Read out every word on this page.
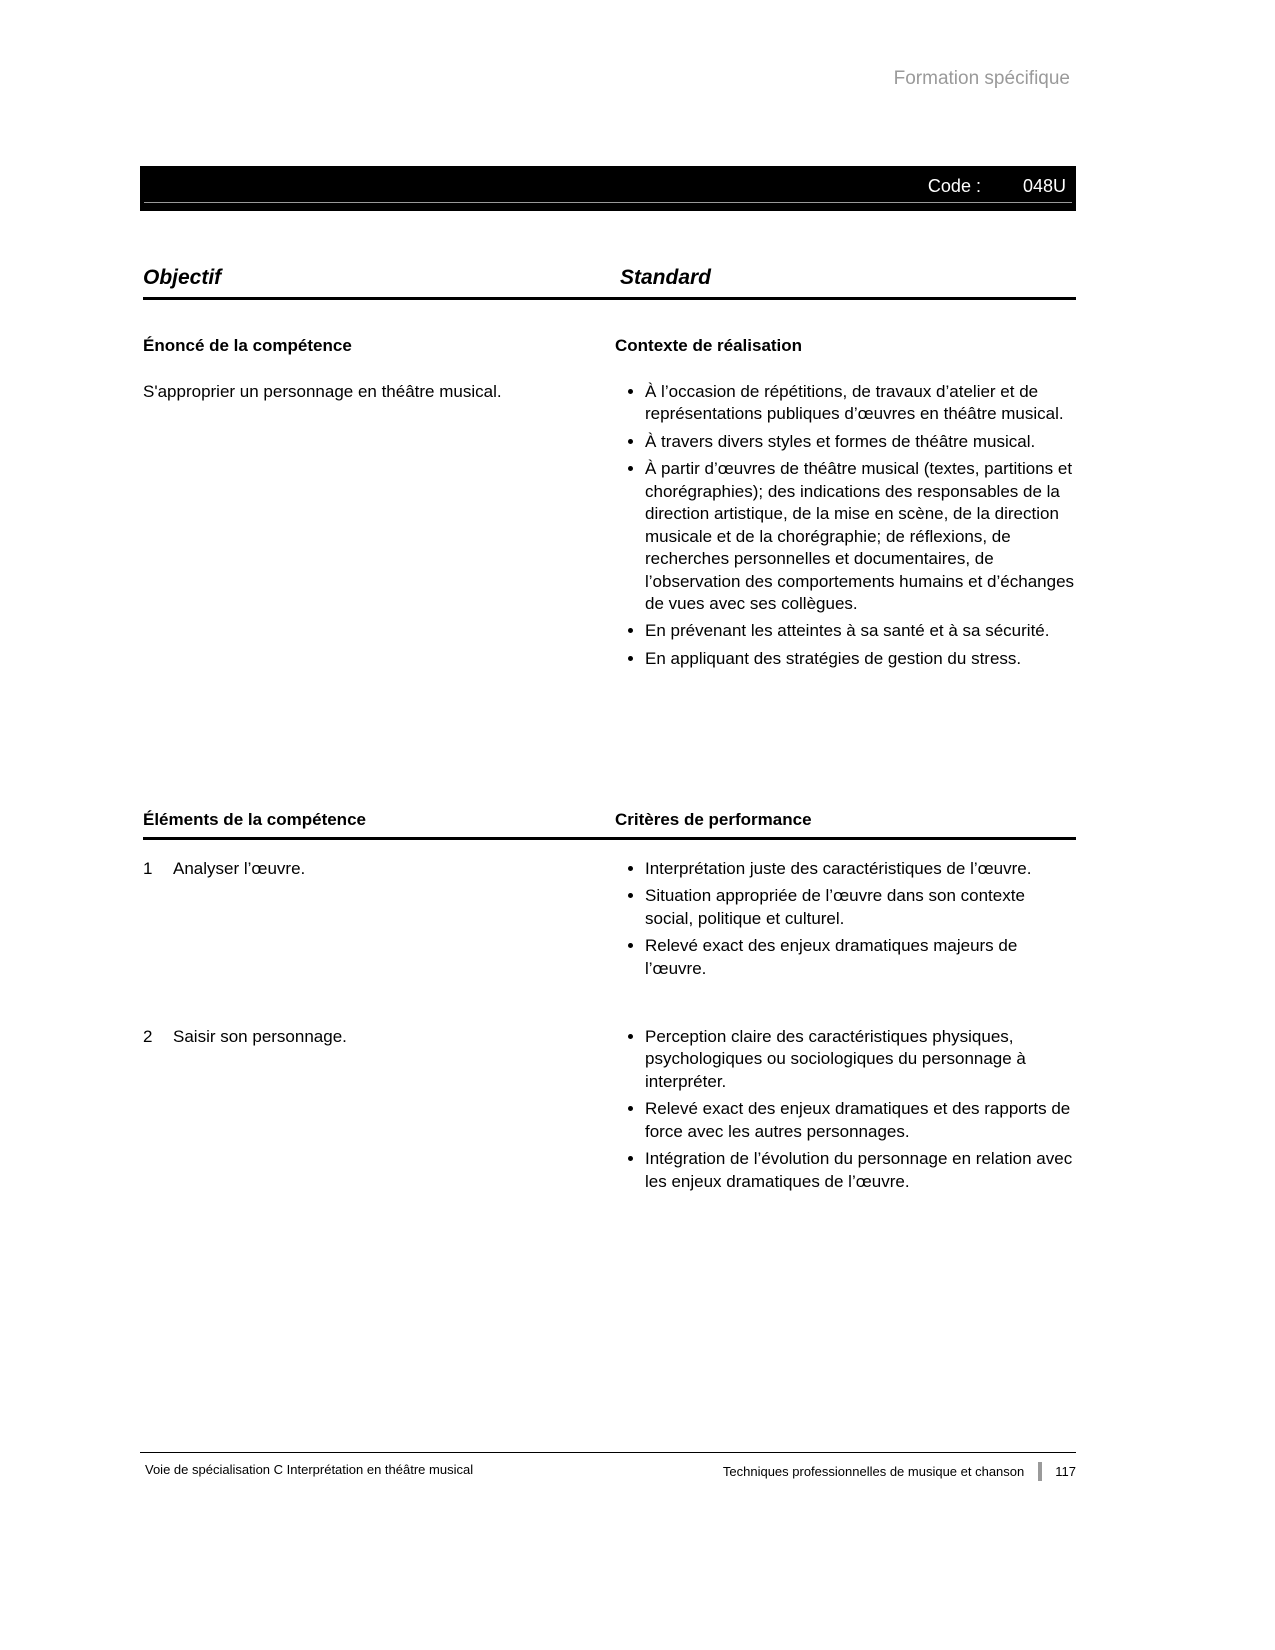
Formation spécifique
Code : 048U
Objectif	Standard
Énoncé de la compétence	Contexte de réalisation
S'approprier un personnage en théâtre musical.	• À l’occasion de répétitions, de travaux d’atelier et de représentations publiques d’œuvres en théâtre musical.
• À travers divers styles et formes de théâtre musical.
• À partir d’œuvres de théâtre musical (textes, partitions et chorégraphies); des indications des responsables de la direction artistique, de la mise en scène, de la direction musicale et de la chorégraphie; de réflexions, de recherches personnelles et documentaires, de l’observation des comportements humains et d’échanges de vues avec ses collègues.
• En prévenant les atteintes à sa santé et à sa sécurité.
• En appliquant des stratégies de gestion du stress.
Éléments de la compétence	Critères de performance
1	Analyser l’œuvre.	• Interprétation juste des caractéristiques de l’œuvre.
• Situation appropriée de l’œuvre dans son contexte social, politique et culturel.
• Relevé exact des enjeux dramatiques majeurs de l’œuvre.
2	Saisir son personnage.	• Perception claire des caractéristiques physiques, psychologiques ou sociologiques du personnage à interpréter.
• Relevé exact des enjeux dramatiques et des rapports de force avec les autres personnages.
• Intégration de l’évolution du personnage en relation avec les enjeux dramatiques de l’œuvre.
Voie de spécialisation C Interprétation en théâtre musical	Techniques professionnelles de musique et chanson 117
